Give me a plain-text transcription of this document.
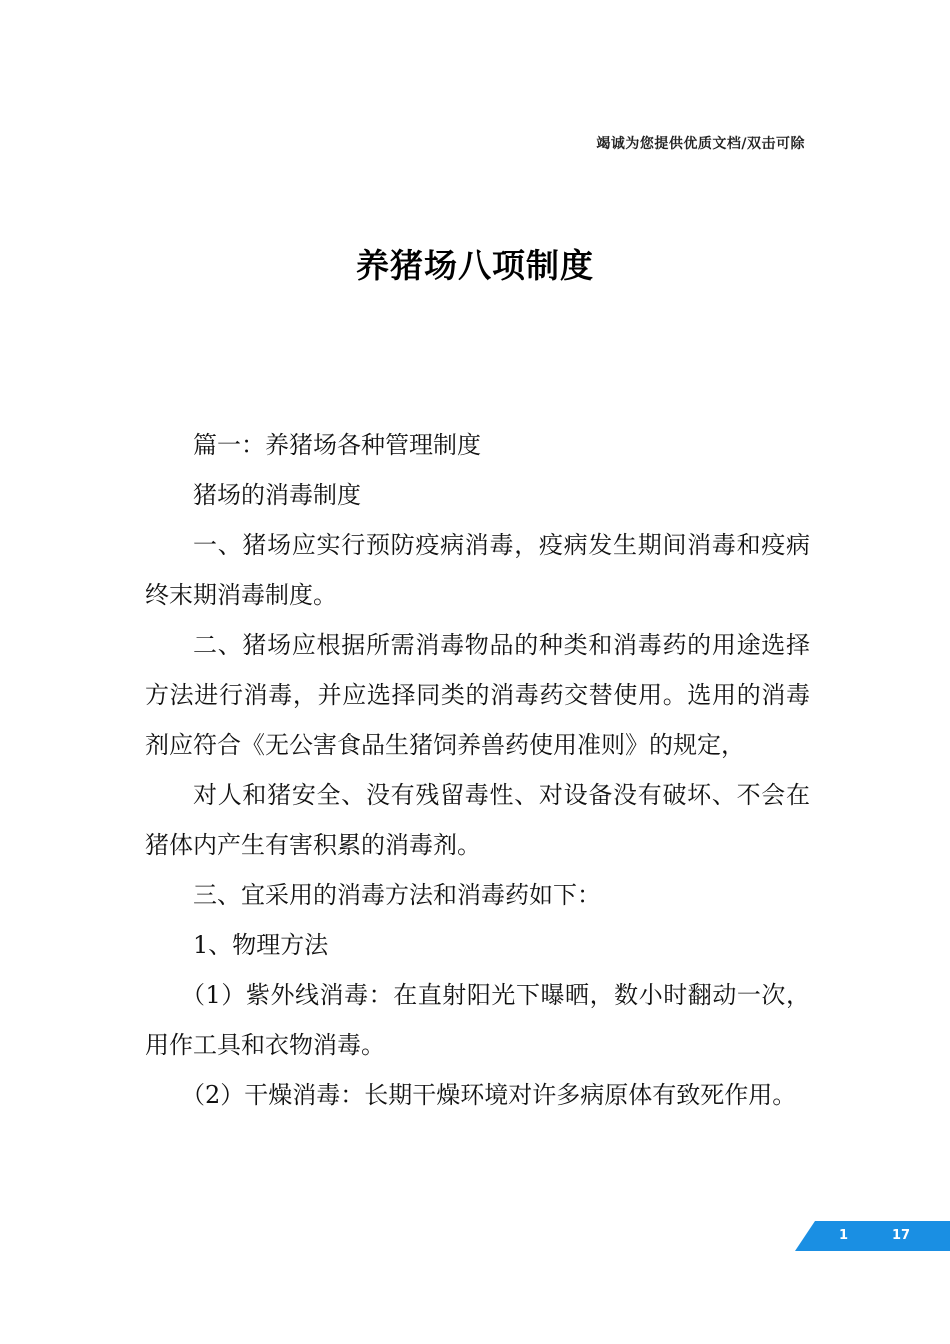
竭诚为您提供优质文档/双击可除
养猪场八项制度

篇一：养猪场各种管理制度

猪场的消毒制度

一、猪场应实行预防疫病消毒，疫病发生期间消毒和疫病终末期消毒制度。

二、猪场应根据所需消毒物品的种类和消毒药的用途选择方法进行消毒，并应选择同类的消毒药交替使用。选用的消毒剂应符合《无公害食品生猪饲养兽药使用准则》的规定，

对人和猪安全、没有残留毒性、对设备没有破坏、不会在猪体内产生有害积累的消毒剂。

三、宜采用的消毒方法和消毒药如下：

1、物理方法

（1）紫外线消毒：在直射阳光下曝晒，数小时翻动一次，用作工具和衣物消毒。

（2）干燥消毒：长期干燥环境对许多病原体有致死作用。

1	17
